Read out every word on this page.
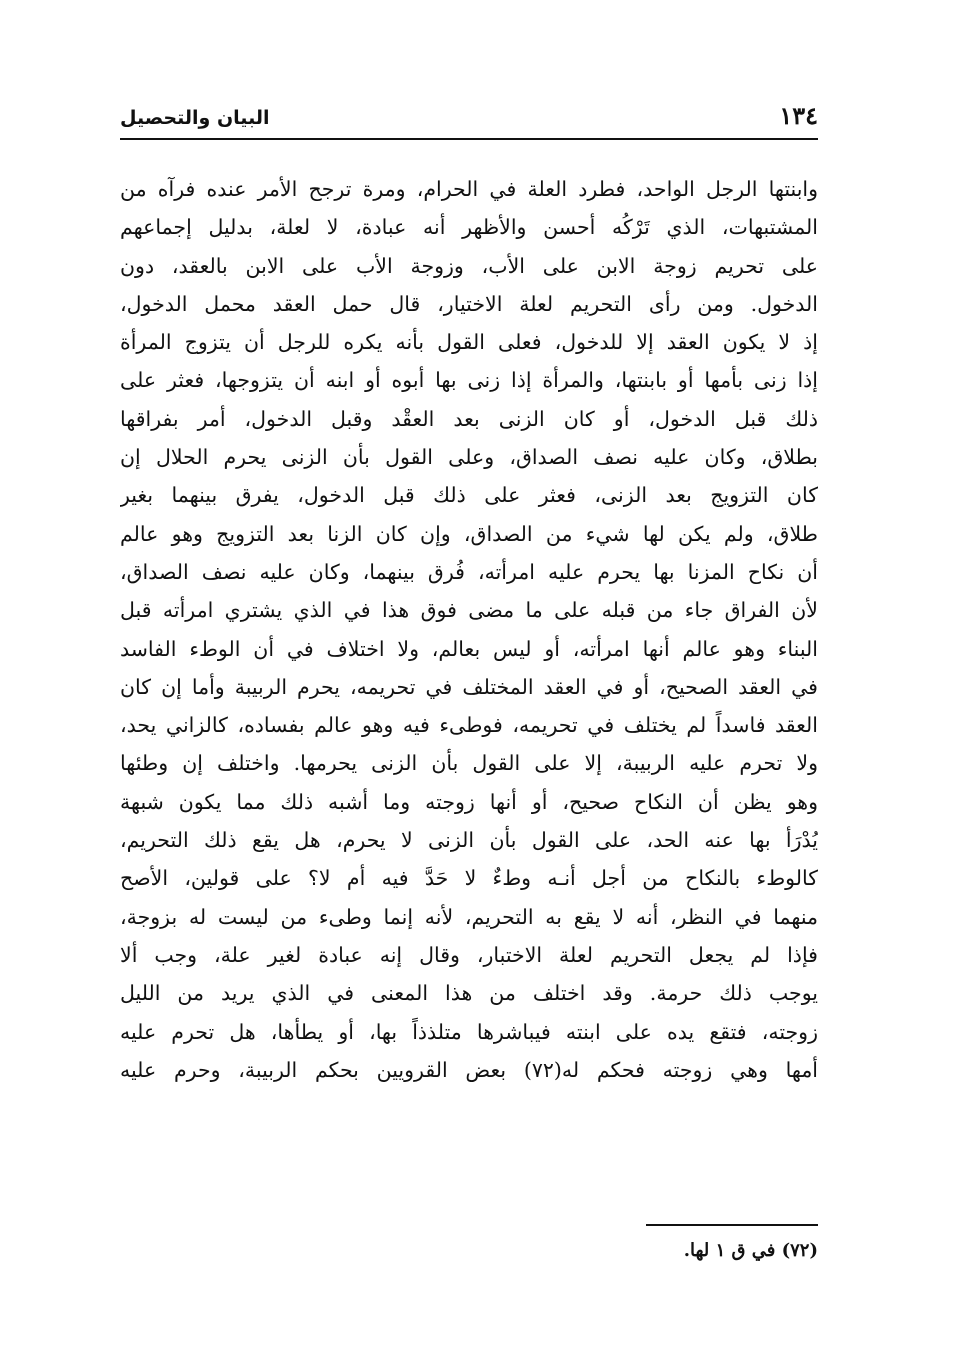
١٣٤
البيان والتحصيل
وابنتها الرجل الواحد، فطرد العلة في الحرام، ومرة ترجح الأمر عنده فرآه من
المشتبهات، الذي تَرْكُه أحسن والأظهر أنه عبادة، لا لعلة، بدليل إجماعهم
على تحريم زوجة الابن على الأب، وزوجة الأب على الابن بالعقد، دون
الدخول. ومن رأى التحريم لعلة الاختيار، قال حمل العقد محمل الدخول،
إذ لا يكون العقد إلا للدخول، فعلى القول بأنه يكره للرجل أن يتزوج المرأة
إذا زنى بأمها أو بابنتها، والمرأة إذا زنى بها أبوه أو ابنه أن يتزوجها، فعثر على
ذلك قبل الدخول، أو كان الزنى بعد العقْد وقبل الدخول، أمر بفراقها
بطلاق، وكان عليه نصف الصداق، وعلى القول بأن الزنى يحرم الحلال إن
كان التزويج بعد الزنى، فعثر على ذلك قبل الدخول، يفرق بينهما بغير
طلاق، ولم يكن لها شيء من الصداق، وإن كان الزنا بعد التزويج وهو عالم
أن نكاح المزنا بها يحرم عليه امرأته، فُرق بينهما، وكان عليه نصف الصداق،
لأن الفراق جاء من قبله على ما مضى فوق هذا في الذي يشتري امرأته قبل
البناء وهو عالم أنها امرأته، أو ليس بعالم، ولا اختلاف في أن الوطء الفاسد
في العقد الصحيح، أو في العقد المختلف في تحريمه، يحرم الربيبة وأما إن كان
العقد فاسداً لم يختلف في تحريمه، فوطىء فيه وهو عالم بفساده، كالزاني يحد،
ولا تحرم عليه الربيبة، إلا على القول بأن الزنى يحرمها. واختلف إن وطئها
وهو يظن أن النكاح صحيح، أو أنها زوجته وما أشبه ذلك مما يكون شبهة
يُدْرَأ بها عنه الحد، على القول بأن الزنى لا يحرم، هل يقع ذلك التحريم،
كالوطء بالنكاح من أجل أنـه وطءٌ لا حَدَّ فيه أم لا؟ على قولين، الأصح
منهما في النظر، أنه لا يقع به التحريم، لأنه إنما وطىء من ليست له بزوجة،
فإذا لم يجعل التحريم لعلة الاختبار، وقال إنه عبادة لغير علة، وجب ألا
يوجب ذلك حرمة. وقد اختلف من هذا المعنى في الذي يريد من الليل
زوجته، فتقع يده على ابنته فيباشرها متلذذاً بها، أو يطأها، هل تحرم عليه
أمها وهي زوجته فحكم له(٧٢) بعض القرويين بحكم الربيبة، وحرم عليه
(٧٢) في ق ١ لها.
